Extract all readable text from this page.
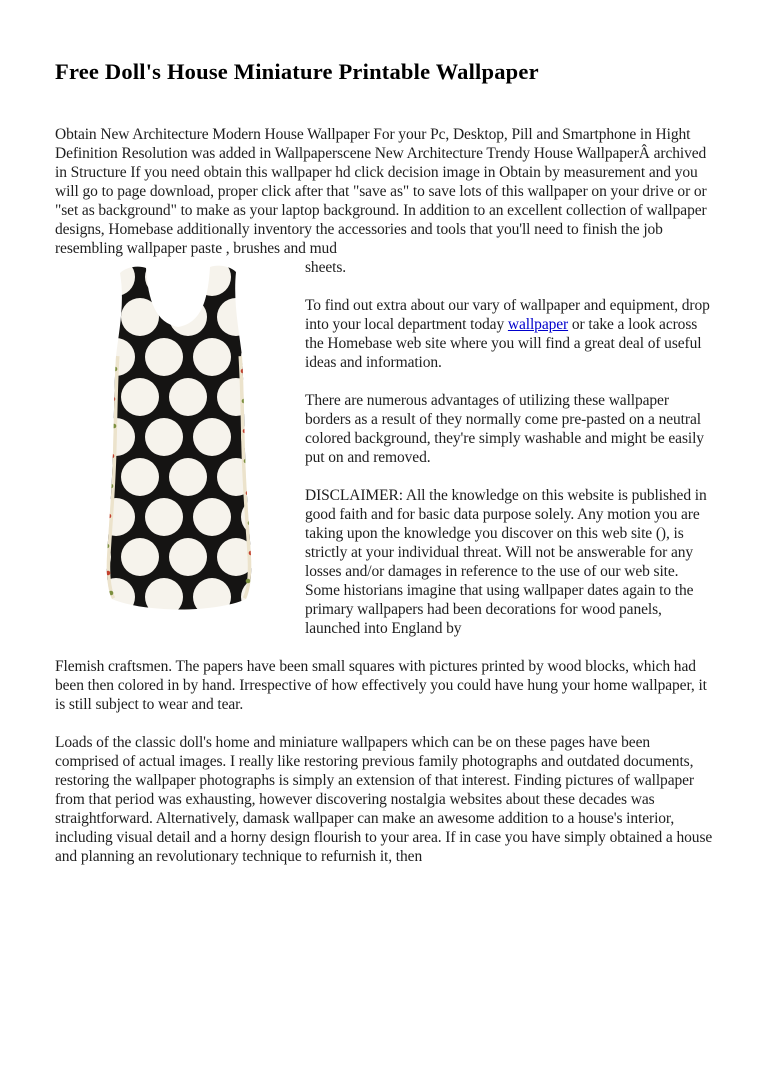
Free Doll's House Miniature Printable Wallpaper

Obtain New Architecture Modern House Wallpaper For your Pc, Desktop, Pill and Smartphone in Hight Definition Resolution was added in Wallpaperscene New Architecture Trendy House WallpaperÂ archived in Structure If you need obtain this wallpaper hd click decision image in Obtain by measurement and you will go to page download, proper click after that "save as" to save lots of this wallpaper on your drive or or "set as background" to make as your laptop background. In addition to an excellent collection of wallpaper designs, Homebase additionally inventory the accessories and tools that you'll need to finish the job resembling wallpaper paste , brushes and mud

sheets.

To find out extra about our vary of wallpaper and equipment, drop into your local department today wallpaper or take a look across the Homebase web site where you will find a great deal of useful ideas and information.

There are numerous advantages of utilizing these wallpaper borders as a result of they normally come pre-pasted on a neutral colored background, they're simply washable and might be easily put on and removed.

DISCLAIMER: All the knowledge on this website is published in good faith and for basic data purpose solely. Any motion you are taking upon the knowledge you discover on this web site (), is strictly at your individual threat. Will not be answerable for any losses and/or damages in reference to the use of our web site. Some historians imagine that using wallpaper dates again to the primary wallpapers had been decorations for wood panels, launched into England by

Flemish craftsmen. The papers have been small squares with pictures printed by wood blocks, which had been then colored in by hand. Irrespective of how effectively you could have hung your home wallpaper, it is still subject to wear and tear.

Loads of the classic doll's home and miniature wallpapers which can be on these pages have been comprised of actual images. I really like restoring previous family photographs and outdated documents, restoring the wallpaper photographs is simply an extension of that interest. Finding pictures of wallpaper from that period was exhausting, however discovering nostalgia websites about these decades was straightforward. Alternatively, damask wallpaper can make an awesome addition to a house's interior, including visual detail and a horny design flourish to your area. If in case you have simply obtained a house and planning an revolutionary technique to refurnish it, then
